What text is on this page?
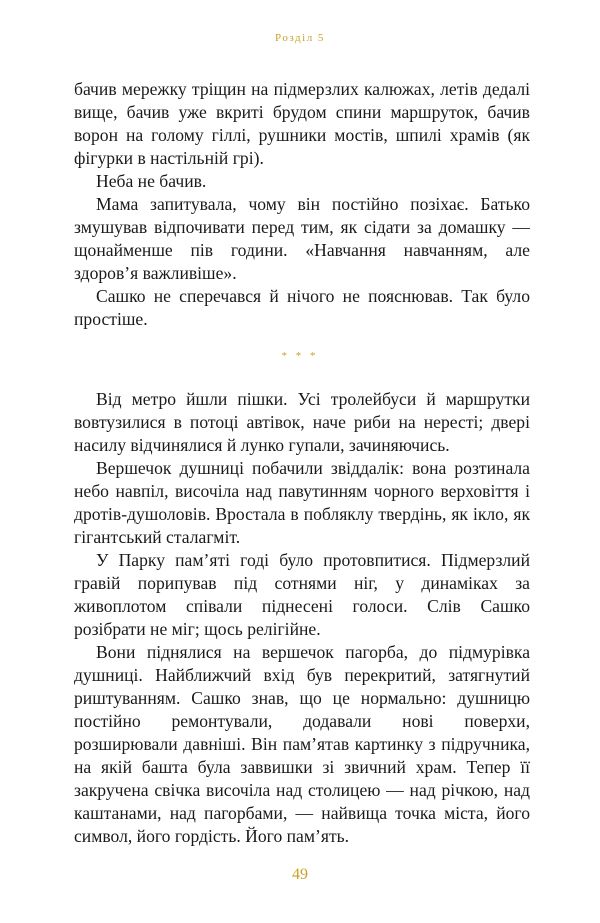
Розділ 5

бачив мережку тріщин на підмерзлих калюжах, летів дедалі вище, бачив уже вкриті брудом спини маршруток, бачив ворон на голому гіллі, рушники мостів, шпилі храмів (як фігурки в настільній грі).

Неба не бачив.

Мама запитувала, чому він постійно позіхає. Батько змушував відпочивати перед тим, як сідати за домашку — щонайменше пів години. «Навчання навчанням, але здоров’я важливіше».

Сашко не сперечався й нічого не пояснював. Так було простіше.

* * *

Від метро йшли пішки. Усі тролейбуси й маршрутки вовтузилися в потоці автівок, наче риби на нересті; двері насилу відчинялися й лунко гупали, зачиняючись.

Вершечок душниці побачили звіддалік: вона розтинала небо навпіл, височіла над павутинням чорного верховіття і дротів-душоловів. Вростала в побляклу твердінь, як ікло, як гігантський сталагміт.

У Парку пам’яті годі було протовпитися. Підмерзлий гравій порипував під сотнями ніг, у динаміках за живоплотом співали піднесені голоси. Слів Сашко розібрати не міг; щось релігійне.

Вони піднялися на вершечок пагорба, до підмурівка душниці. Найближчий вхід був перекритий, затягнутий риштуванням. Сашко знав, що це нормально: душницю постійно ремонтували, додавали нові поверхи, розширювали давніші. Він пам’ятав картинку з підручника, на якій башта була заввишки зі звичний храм. Тепер її закручена свічка височіла над столицею — над річкою, над каштанами, над пагорбами, — найвища точка міста, його символ, його гордість. Його пам’ять.

49
